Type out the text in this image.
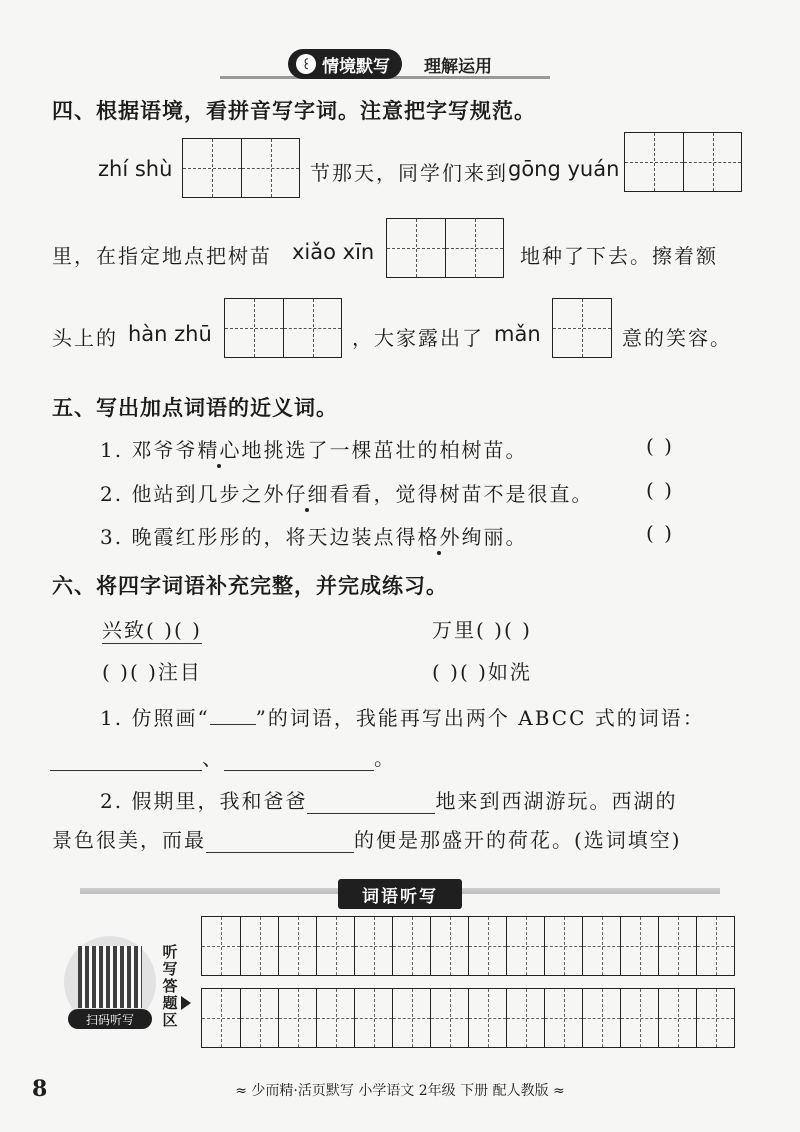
꒰ 情境默写	理解运用
四、根据语境，看拼音写字词。注意把字写规范。
zhí shù	节那天，同学们来到 gōng yuán
里，在指定地点把树苗 xiǎo xīn	地种了下去。擦着额
头上的 hàn zhū	，大家露出了 mǎn	意的笑容。
五、写出加点词语的近义词。
1. 邓爷爷精心地挑选了一棵茁壮的柏树苗。	( )
2. 他站到几步之外仔细看看，觉得树苗不是很直。	( )
3. 晚霞红彤彤的，将天边装点得格外绚丽。	( )
六、将四字词语补充完整，并完成练习。
兴致( )( )	万里( )( )
( )( )注目	( )( )如洗
1. 仿照画“ ”的词语，我能再写出两个 ABCC 式的词语：
、	。
2. 假期里，我和爸爸	地来到西湖游玩。西湖的
景色很美，而最	的便是那盛开的荷花。(选词填空)
词语听写
扫码听写
听写答题区
8	≈ 少而精·活页默写 小学语文 2年级 下册 配人教版 ≈
